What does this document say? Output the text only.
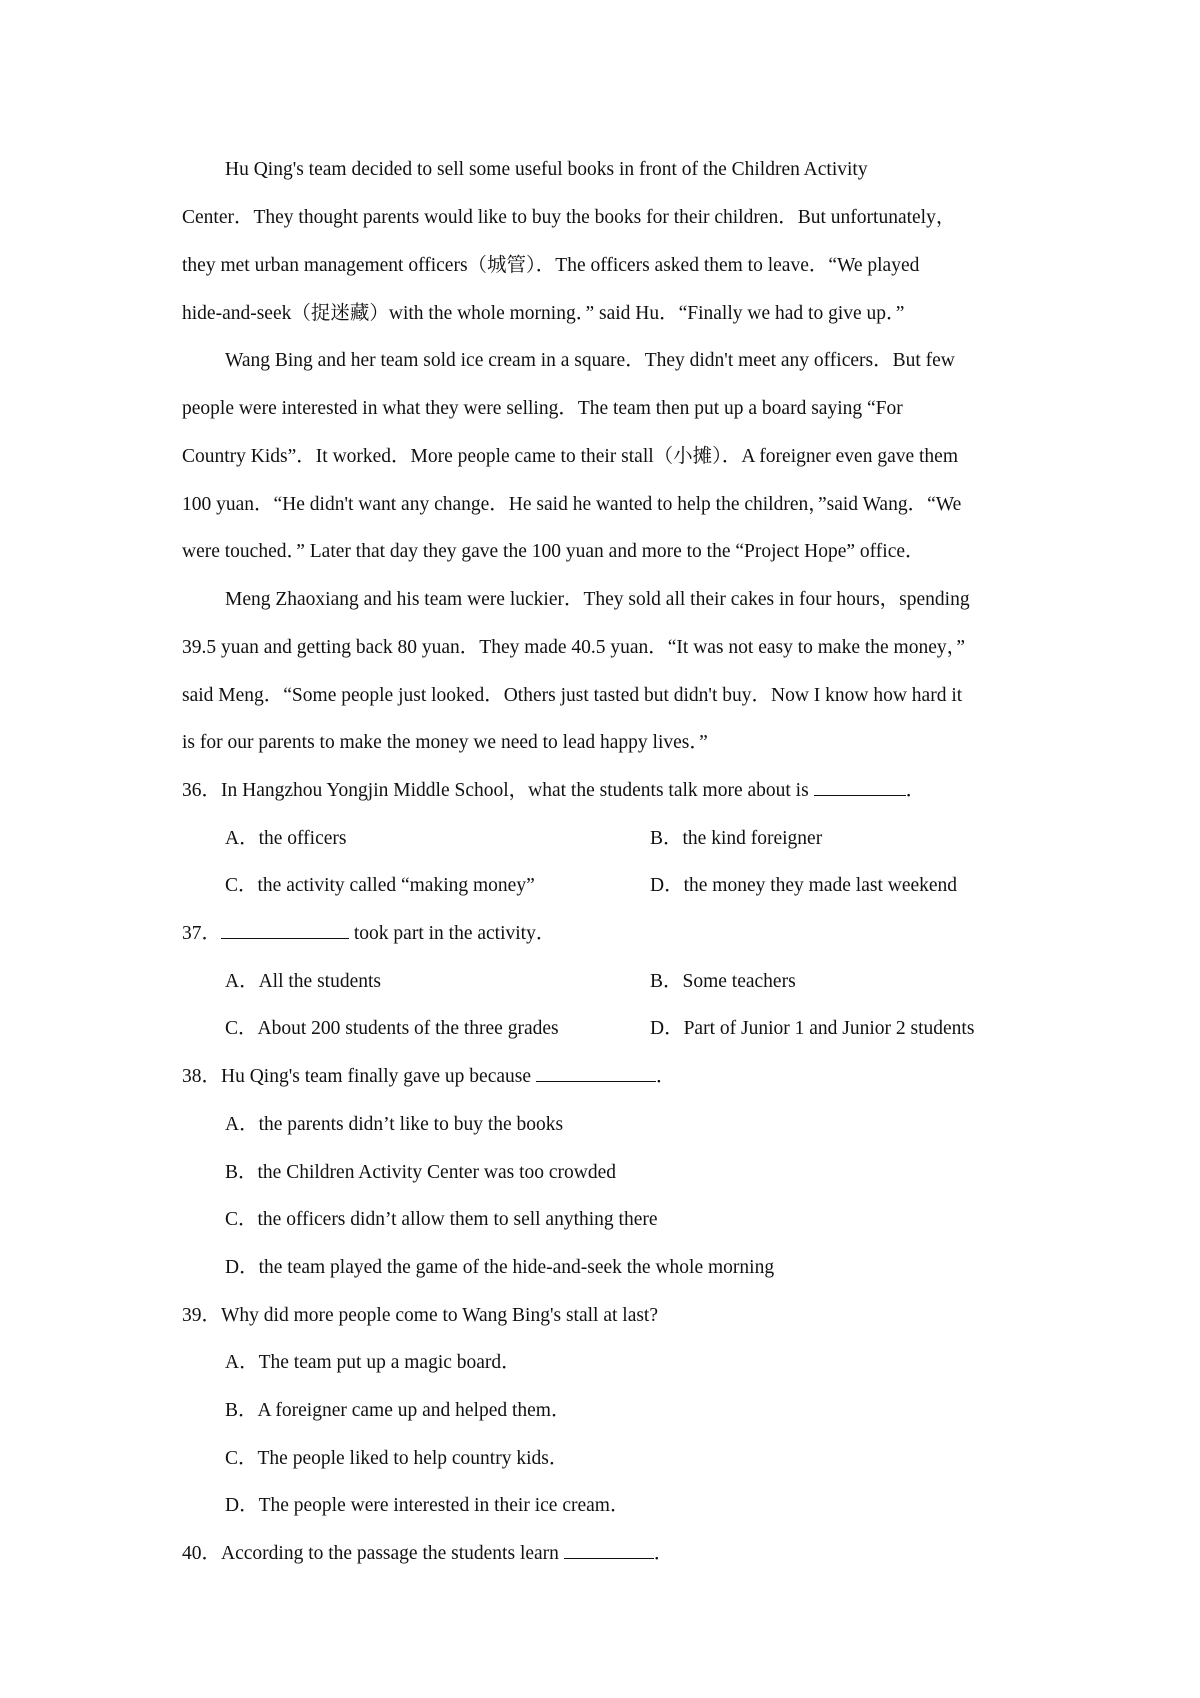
Hu Qing's team decided to sell some useful books in front of the Children Activity
Center．They thought parents would like to buy the books for their children．But unfortunately，
they met urban management officers（城管）．The officers asked them to leave．“We played
hide-and-seek（捉迷藏）with the whole morning．” said Hu．“Finally we had to give up．”
Wang Bing and her team sold ice cream in a square．They didn't meet any officers．But few
people were interested in what they were selling．The team then put up a board saying “For
Country Kids”．It worked．More people came to their stall（小摊）．A foreigner even gave them
100 yuan．“He didn't want any change．He said he wanted to help the children，”said Wang．“We
were touched．” Later that day they gave the 100 yuan and more to the “Project Hope” office．
Meng Zhaoxiang and his team were luckier．They sold all their cakes in four hours，spending
39.5 yuan and getting back 80 yuan．They made 40.5 yuan．“It was not easy to make the money，”
said Meng．“Some people just looked．Others just tasted but didn't buy．Now I know how hard it
is for our parents to make the money we need to lead happy lives．”
36．In Hangzhou Yongjin Middle School，what the students talk more about is	．
A．the officers	B．the kind foreigner
C．the activity called “making money”	D．the money they made last weekend
37．	took part in the activity．
A．All the students	B．Some teachers
C．About 200 students of the three grades	D．Part of Junior 1 and Junior 2 students
38．Hu Qing's team finally gave up because	．
A．the parents didn’t like to buy the books
B．the Children Activity Center was too crowded
C．the officers didn’t allow them to sell anything there
D．the team played the game of the hide-and-seek the whole morning
39．Why did more people come to Wang Bing's stall at last?
A．The team put up a magic board．
B．A foreigner came up and helped them．
C．The people liked to help country kids．
D．The people were interested in their ice cream．
40．According to the passage the students learn	．
